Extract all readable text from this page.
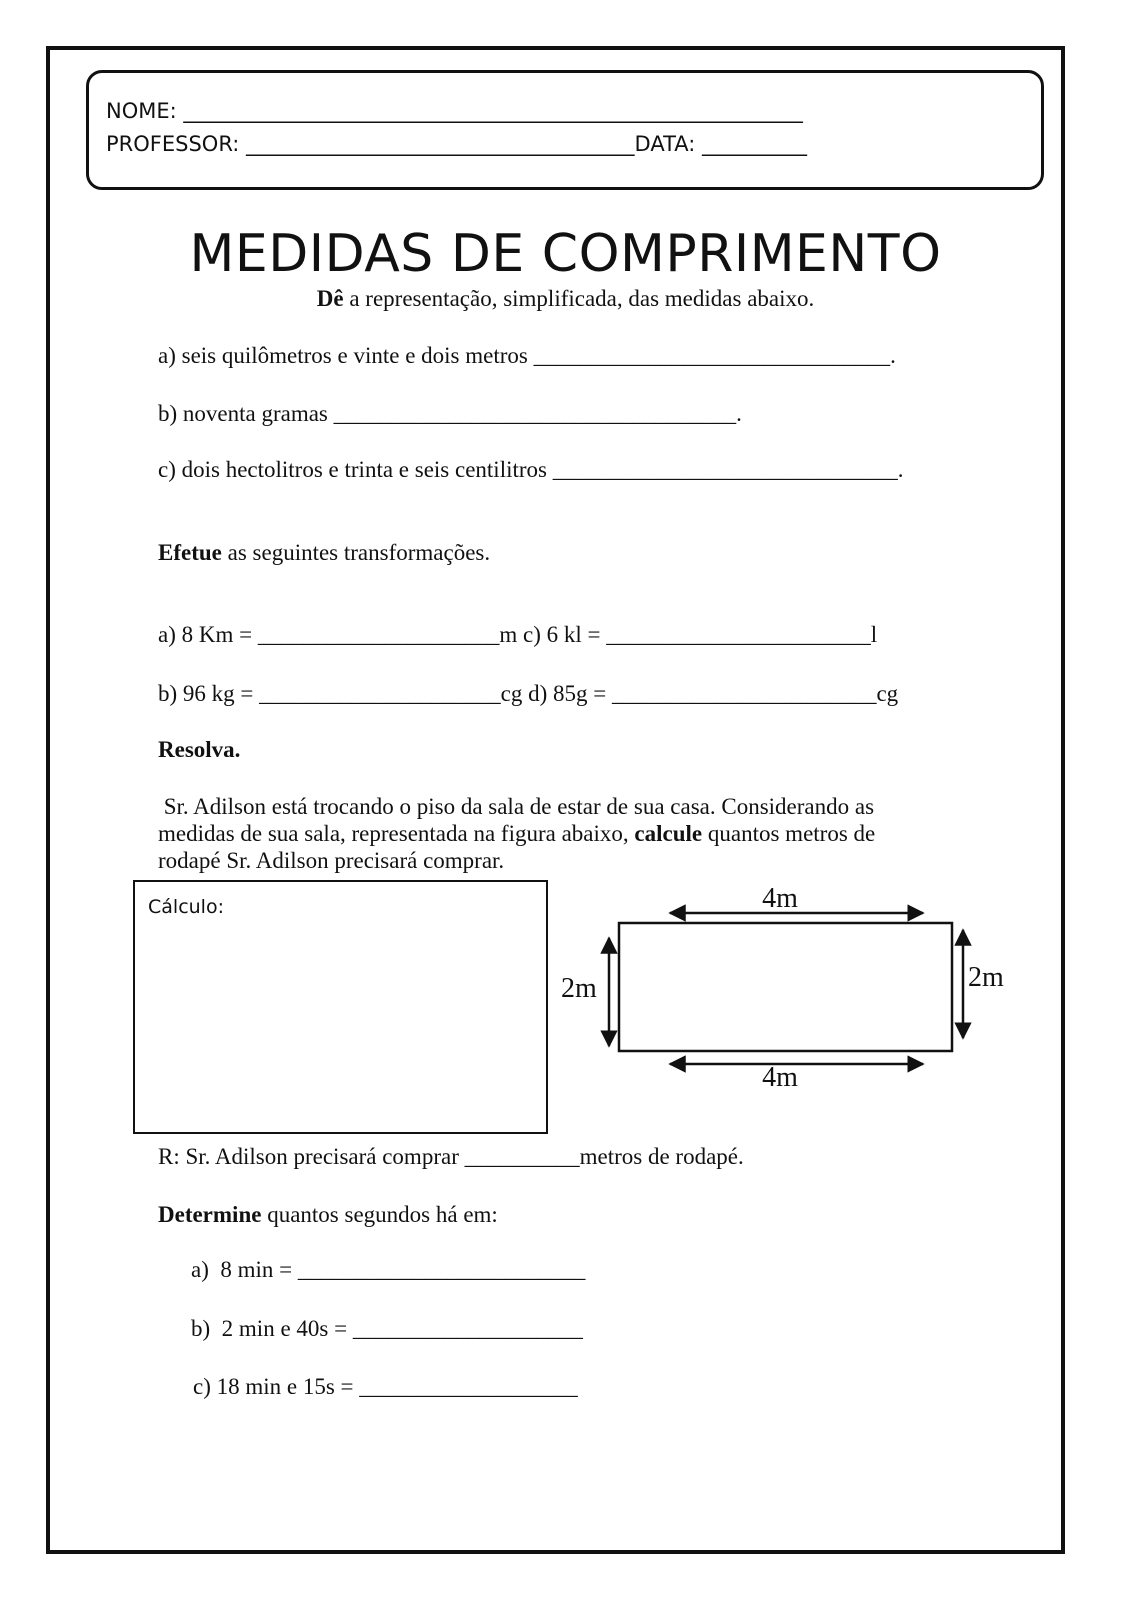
NOME: ___________________________________________________________
PROFESSOR: _____________________________________DATA: __________
MEDIDAS DE COMPRIMENTO
Dê a representação, simplificada, das medidas abaixo.
a) seis quilômetros e vinte e dois metros _______________________________.
b) noventa gramas ___________________________________.
c) dois hectolitros e trinta e seis centilitros ______________________________.
Efetue as seguintes transformações.
a) 8 Km = _____________________m c) 6 kl = _______________________l
b) 96 kg = _____________________cg d) 85g = _______________________cg
Resolva.
Sr. Adilson está trocando o piso da sala de estar de sua casa. Considerando as
medidas de sua sala, representada na figura abaixo, calcule quantos metros de
rodapé Sr. Adilson precisará comprar.
Cálculo:	4m
4m
2m	2m
R: Sr. Adilson precisará comprar __________metros de rodapé.
Determine quantos segundos há em:
a)  8 min = _________________________
b)  2 min e 40s = ____________________
c) 18 min e 15s = ___________________
